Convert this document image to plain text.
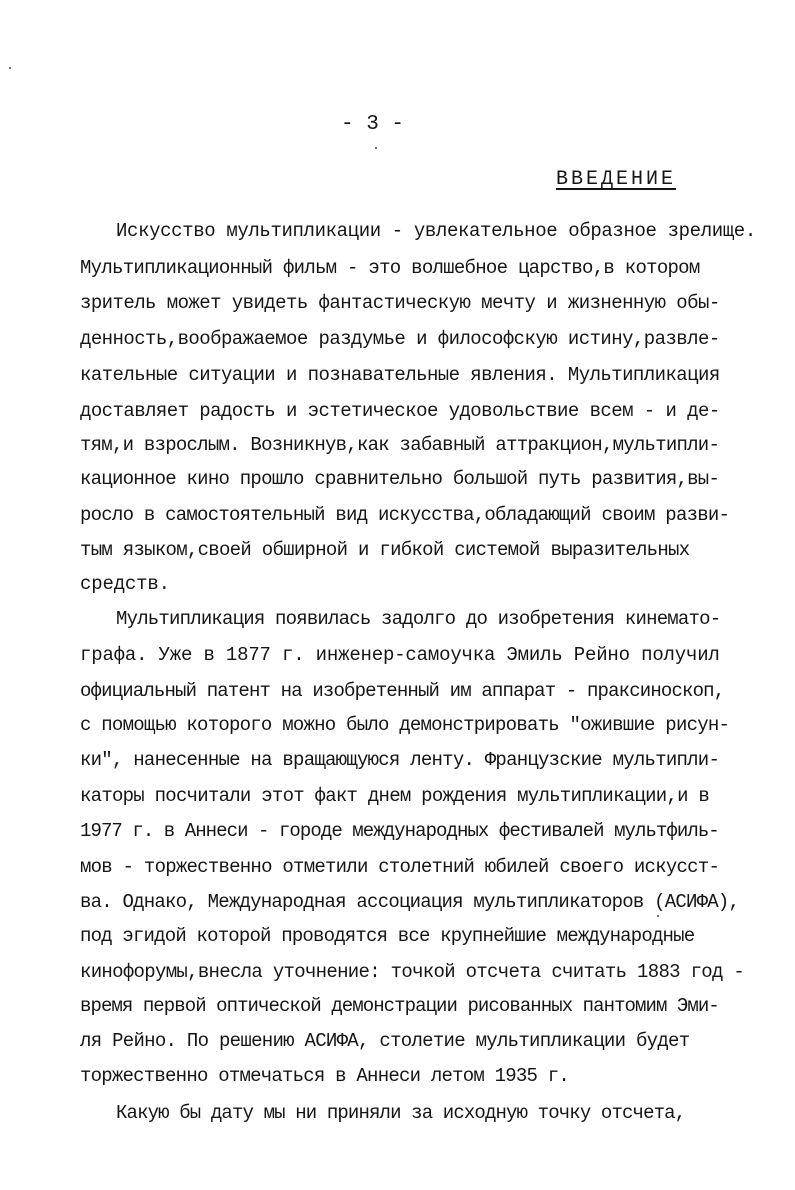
- 3 -
ВВЕДЕНИЕ
Искусство мультипликации - увлекательное образное зрелище.
Мультипликационный фильм - это волшебное царство,в котором
зритель может увидеть фантастическую мечту и жизненную обы-
денность,воображаемое раздумье и философскую истину,развле-
кательные ситуации и познавательные явления. Мультипликация
доставляет радость и эстетическое удовольствие всем - и де-
тям,и взрослым. Возникнув,как забавный аттракцион,мультипли-
кационное кино прошло сравнительно большой путь развития,вы-
росло в самостоятельный вид искусства,обладающий своим разви-
тым языком,своей обширной и гибкой системой выразительных
средств.
Мультипликация появилась задолго до изобретения кинемато-
графа. Уже в 1877 г. инженер-самоучка Эмиль Рейно получил
официальный патент на изобретенный им аппарат - праксиноскоп,
с помощью которого можно было демонстрировать "ожившие рисун-
ки", нанесенные на вращающуюся ленту. Французские мультипли-
каторы посчитали этот факт днем рождения мультипликации,и в
1977 г. в Аннеси - городе международных фестивалей мультфиль-
мов - торжественно отметили столетний юбилей своего искусст-
ва. Однако, Международная ассоциация мультипликаторов (АСИФА),
под эгидой которой проводятся все крупнейшие международные
кинофорумы,внесла уточнение: точкой отсчета считать 1883 год -
время первой оптической демонстрации рисованных пантомим Эми-
ля Рейно. По решению АСИФА, столетие мультипликации будет
торжественно отмечаться в Аннеси летом 1935 г.
Какую бы дату мы ни приняли за исходную точку отсчета,
